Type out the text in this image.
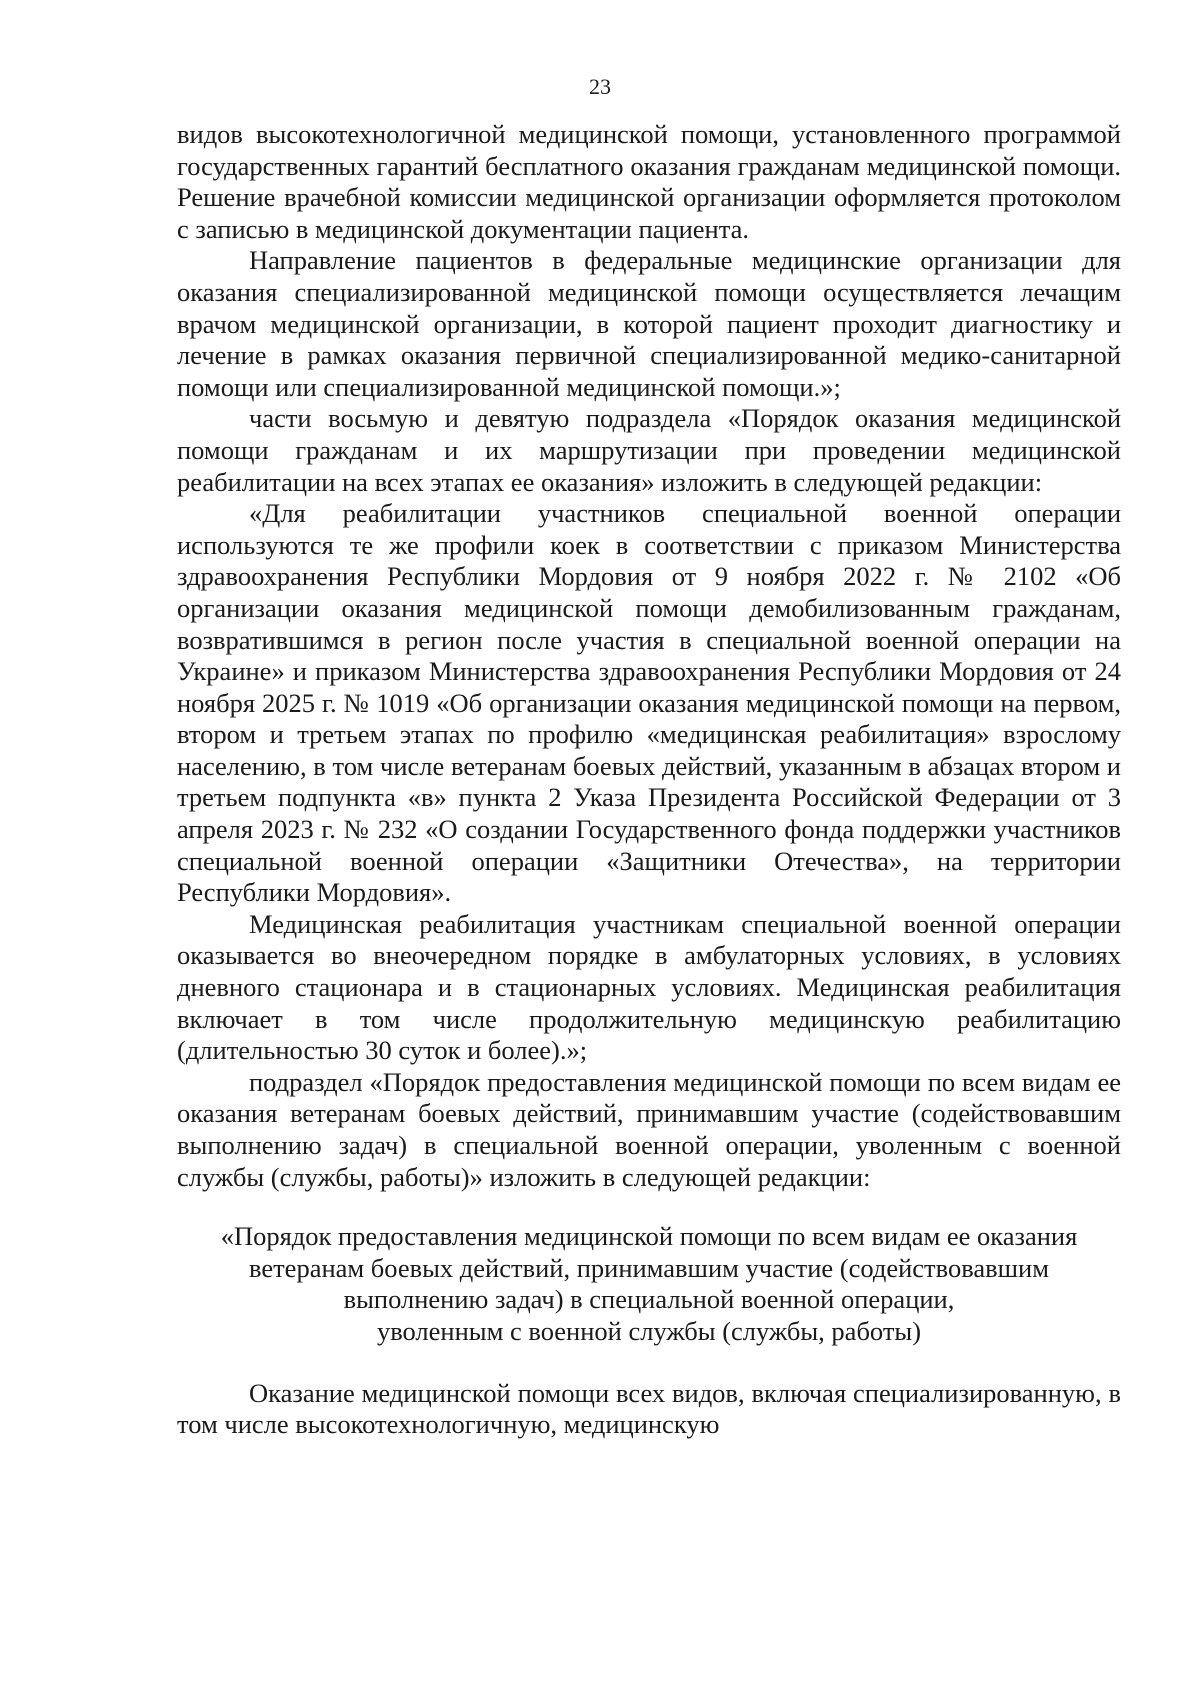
23

видов высокотехнологичной медицинской помощи, установленного программой государственных гарантий бесплатного оказания гражданам медицинской помощи. Решение врачебной комиссии медицинской организации оформляется протоколом с записью в медицинской документации пациента.

Направление пациентов в федеральные медицинские организации для оказания специализированной медицинской помощи осуществляется лечащим врачом медицинской организации, в которой пациент проходит диагностику и лечение в рамках оказания первичной специализированной медико-санитарной помощи или специализированной медицинской помощи.»;

части восьмую и девятую подраздела «Порядок оказания медицинской помощи гражданам и их маршрутизации при проведении медицинской реабилитации на всех этапах ее оказания» изложить в следующей редакции:

«Для реабилитации участников специальной военной операции используются те же профили коек в соответствии с приказом Министерства здравоохранения Республики Мордовия от 9 ноября 2022 г. № 2102 «Об организации оказания медицинской помощи демобилизованным гражданам, возвратившимся в регион после участия в специальной военной операции на Украине» и приказом Министерства здравоохранения Республики Мордовия от 24 ноября 2025 г. № 1019 «Об организации оказания медицинской помощи на первом, втором и третьем этапах по профилю «медицинская реабилитация» взрослому населению, в том числе ветеранам боевых действий, указанным в абзацах втором и третьем подпункта «в» пункта 2 Указа Президента Российской Федерации от 3 апреля 2023 г. № 232 «О создании Государственного фонда поддержки участников специальной военной операции «Защитники Отечества», на территории Республики Мордовия».

Медицинская реабилитация участникам специальной военной операции оказывается во внеочередном порядке в амбулаторных условиях, в условиях дневного стационара и в стационарных условиях. Медицинская реабилитация включает в том числе продолжительную медицинскую реабилитацию (длительностью 30 суток и более).»;

подраздел «Порядок предоставления медицинской помощи по всем видам ее оказания ветеранам боевых действий, принимавшим участие (содействовавшим выполнению задач) в специальной военной операции, уволенным с военной службы (службы, работы)» изложить в следующей редакции:

«Порядок предоставления медицинской помощи по всем видам ее оказания
ветеранам боевых действий, принимавшим участие (содействовавшим
выполнению задач) в специальной военной операции,
уволенным с военной службы (службы, работы)

Оказание медицинской помощи всех видов, включая специализированную, в том числе высокотехнологичную, медицинскую
